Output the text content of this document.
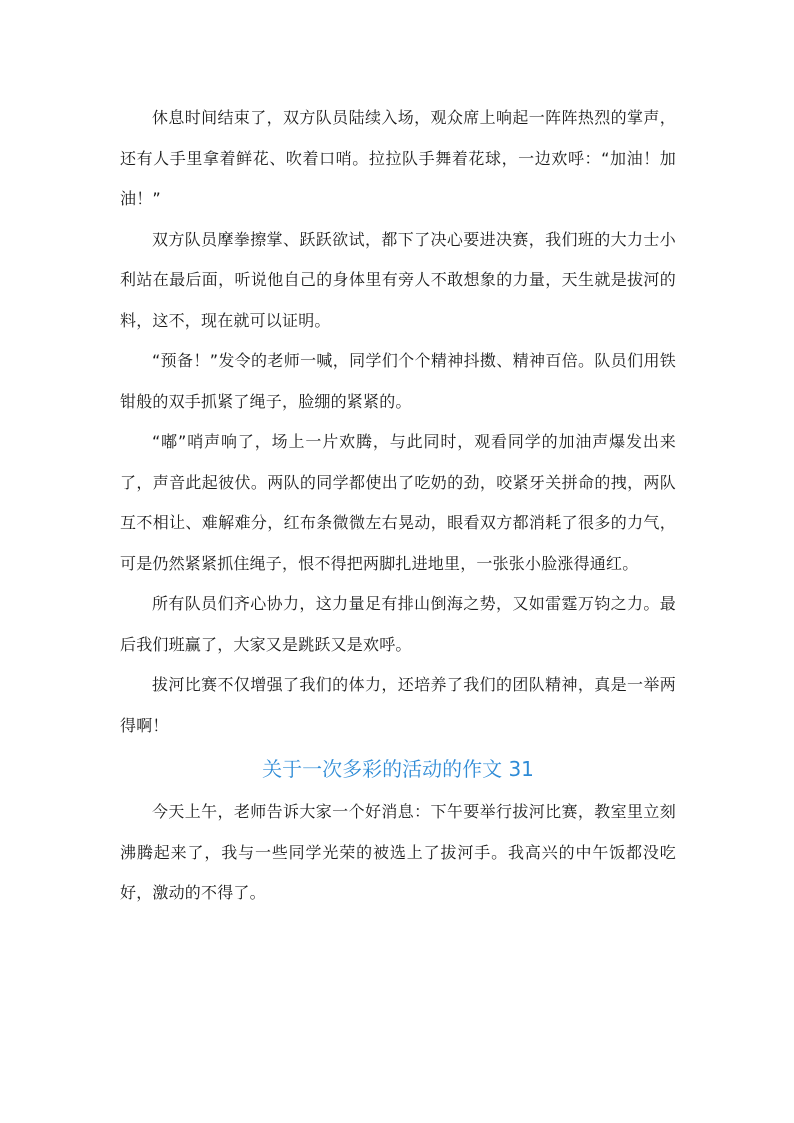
休息时间结束了，双方队员陆续入场，观众席上响起一阵阵热烈的掌声，还有人手里拿着鲜花、吹着口哨。拉拉队手舞着花球，一边欢呼：“加油！加油！”

双方队员摩拳擦掌、跃跃欲试，都下了决心要进决赛，我们班的大力士小利站在最后面，听说他自己的身体里有旁人不敢想象的力量，天生就是拔河的料，这不，现在就可以证明。

“预备！”发令的老师一喊，同学们个个精神抖擞、精神百倍。队员们用铁钳般的双手抓紧了绳子，脸绷的紧紧的。

“嘟”哨声响了，场上一片欢腾，与此同时，观看同学的加油声爆发出来了，声音此起彼伏。两队的同学都使出了吃奶的劲，咬紧牙关拼命的拽，两队互不相让、难解难分，红布条微微左右晃动，眼看双方都消耗了很多的力气，可是仍然紧紧抓住绳子，恨不得把两脚扎进地里，一张张小脸涨得通红。

所有队员们齐心协力，这力量足有排山倒海之势，又如雷霆万钧之力。最后我们班赢了，大家又是跳跃又是欢呼。

拔河比赛不仅增强了我们的体力，还培养了我们的团队精神，真是一举两得啊！

关于一次多彩的活动的作文 31

今天上午，老师告诉大家一个好消息：下午要举行拔河比赛，教室里立刻沸腾起来了，我与一些同学光荣的被选上了拔河手。我高兴的中午饭都没吃好，激动的不得了。
